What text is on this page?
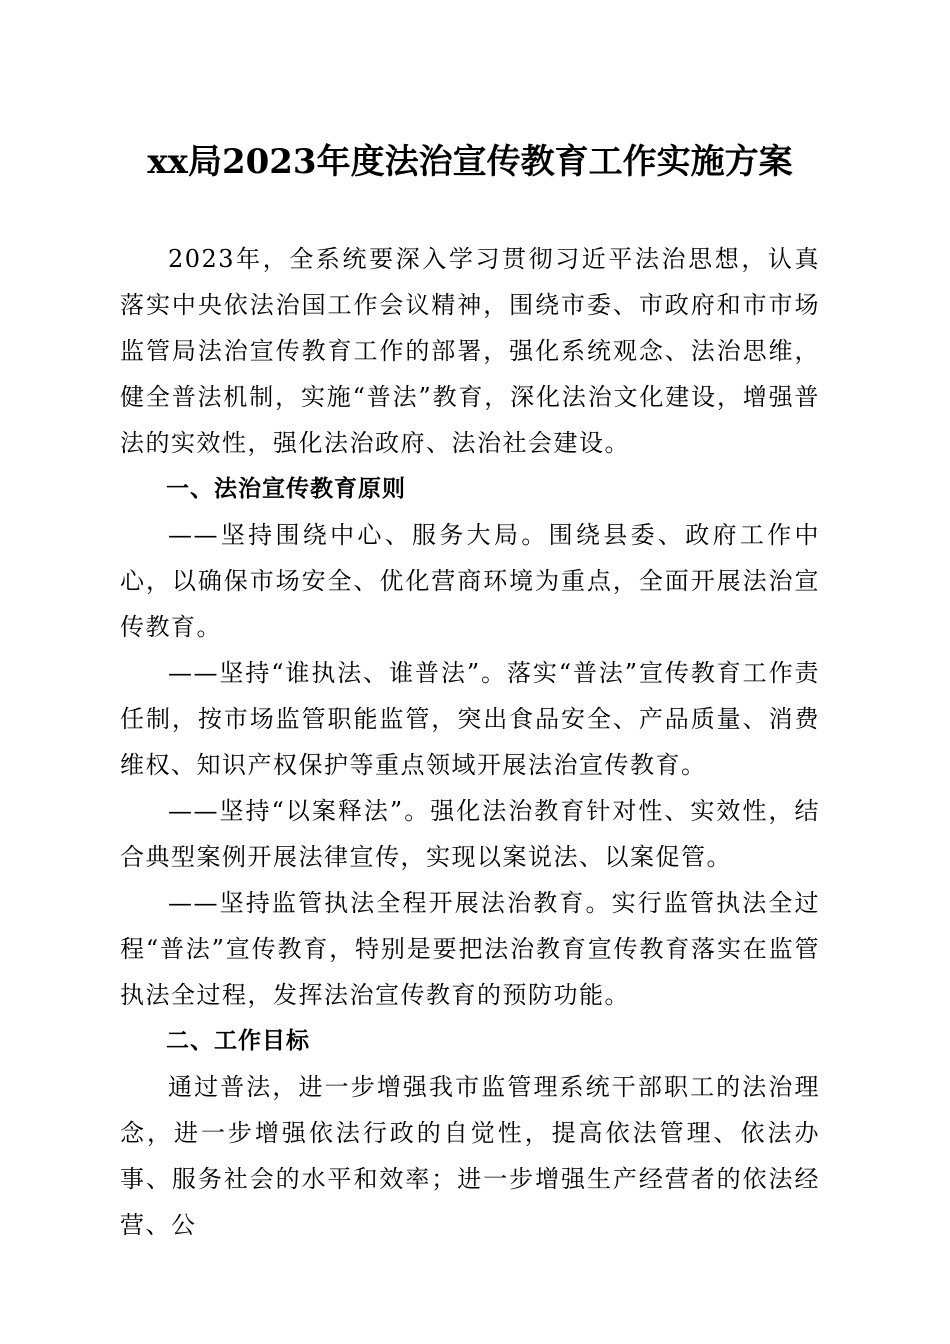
xx局2023年度法治宣传教育工作实施方案

2023年，全系统要深入学习贯彻习近平法治思想，认真落实中央依法治国工作会议精神，围绕市委、市政府和市市场监管局法治宣传教育工作的部署，强化系统观念、法治思维，健全普法机制，实施“普法”教育，深化法治文化建设，增强普法的实效性，强化法治政府、法治社会建设。

一、法治宣传教育原则

——坚持围绕中心、服务大局。围绕县委、政府工作中心，以确保市场安全、优化营商环境为重点，全面开展法治宣传教育。

——坚持“谁执法、谁普法”。落实“普法”宣传教育工作责任制，按市场监管职能监管，突出食品安全、产品质量、消费维权、知识产权保护等重点领域开展法治宣传教育。

——坚持“以案释法”。强化法治教育针对性、实效性，结合典型案例开展法律宣传，实现以案说法、以案促管。

——坚持监管执法全程开展法治教育。实行监管执法全过程“普法”宣传教育，特别是要把法治教育宣传教育落实在监管执法全过程，发挥法治宣传教育的预防功能。

二、工作目标

通过普法，进一步增强我市监管理系统干部职工的法治理念，进一步增强依法行政的自觉性，提高依法管理、依法办事、服务社会的水平和效率；进一步增强生产经营者的依法经营、公
